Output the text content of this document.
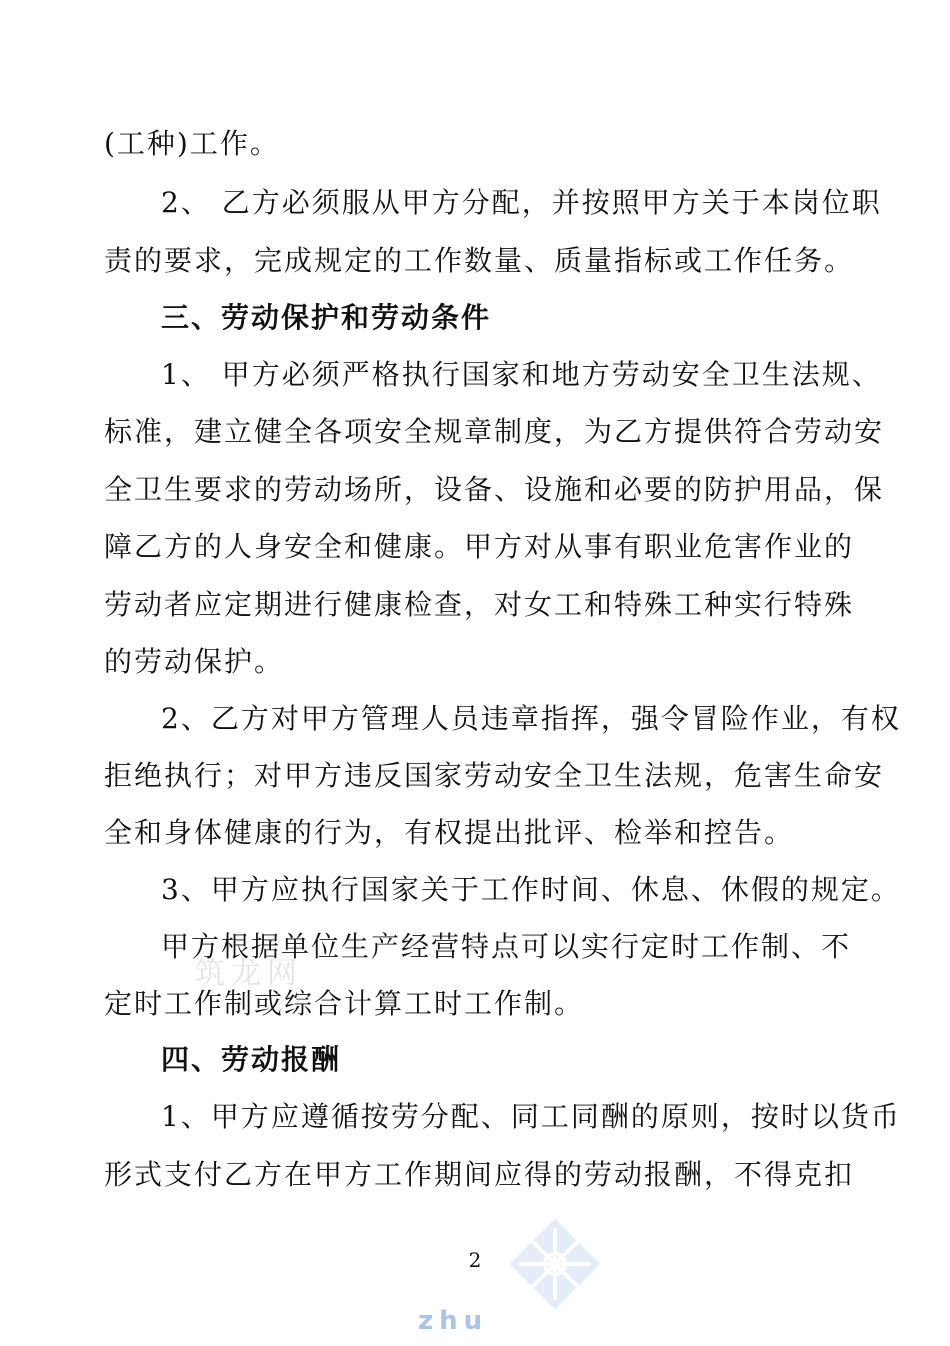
(工种)工作。
2、 乙方必须服从甲方分配，并按照甲方关于本岗位职
责的要求，完成规定的工作数量、质量指标或工作任务。
三、劳动保护和劳动条件
1、 甲方必须严格执行国家和地方劳动安全卫生法规、
标准，建立健全各项安全规章制度，为乙方提供符合劳动安
全卫生要求的劳动场所，设备、设施和必要的防护用品，保
障乙方的人身安全和健康。甲方对从事有职业危害作业的
劳动者应定期进行健康检查，对女工和特殊工种实行特殊
的劳动保护。
2、乙方对甲方管理人员违章指挥，强令冒险作业，有权
拒绝执行；对甲方违反国家劳动安全卫生法规，危害生命安
全和身体健康的行为，有权提出批评、检举和控告。
3、甲方应执行国家关于工作时间、休息、休假的规定。
筑龙网
甲方根据单位生产经营特点可以实行定时工作制、不
定时工作制或综合计算工时工作制。
四、劳动报酬
1、甲方应遵循按劳分配、同工同酬的原则，按时以货币
形式支付乙方在甲方工作期间应得的劳动报酬，不得克扣
zhu
2
